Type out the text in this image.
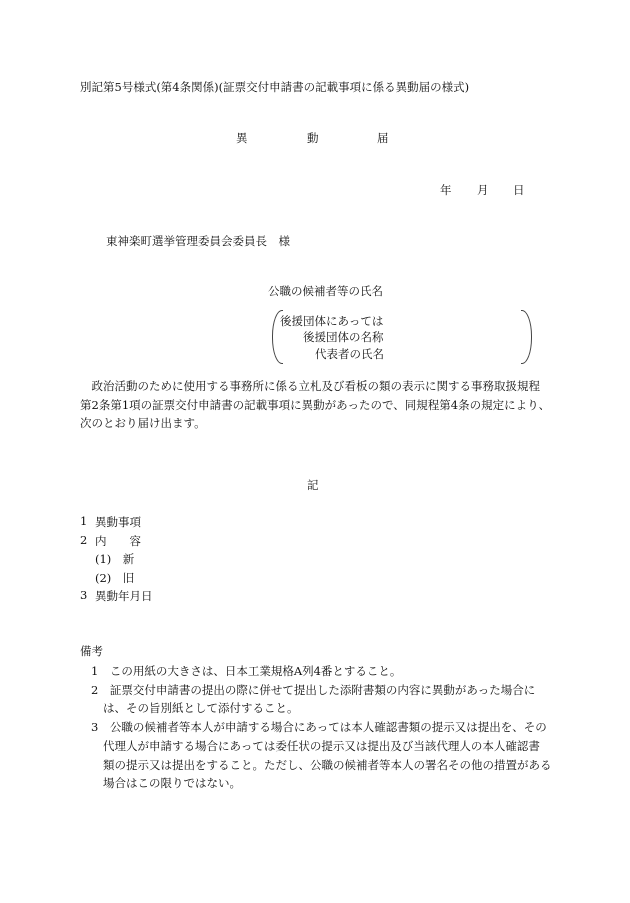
別記第5号様式(第4条関係)(証票交付申請書の記載事項に係る異動届の様式)
異	動	届
年 月 日
東神楽町選挙管理委員会委員長　様
公職の候補者等の氏名
後援団体にあっては
後援団体の名称
代表者の氏名
　政治活動のために使用する事務所に係る立札及び看板の類の表示に関する事務取扱規程
第2条第1項の証票交付申請書の記載事項に異動があったので、同規程第4条の規定により、
次のとおり届け出ます。
記
1 異動事項
2 内　　容
(1)　新
(2)　旧
3 異動年月日
備考
1　この用紙の大きさは、日本工業規格A列4番とすること。
2　証票交付申請書の提出の際に併せて提出した添附書類の内容に異動があった場合に
は、その旨別紙として添付すること。
3　公職の候補者等本人が申請する場合にあっては本人確認書類の提示又は提出を、その
代理人が申請する場合にあっては委任状の提示又は提出及び当該代理人の本人確認書
類の提示又は提出をすること。ただし、公職の候補者等本人の署名その他の措置がある
場合はこの限りではない。
